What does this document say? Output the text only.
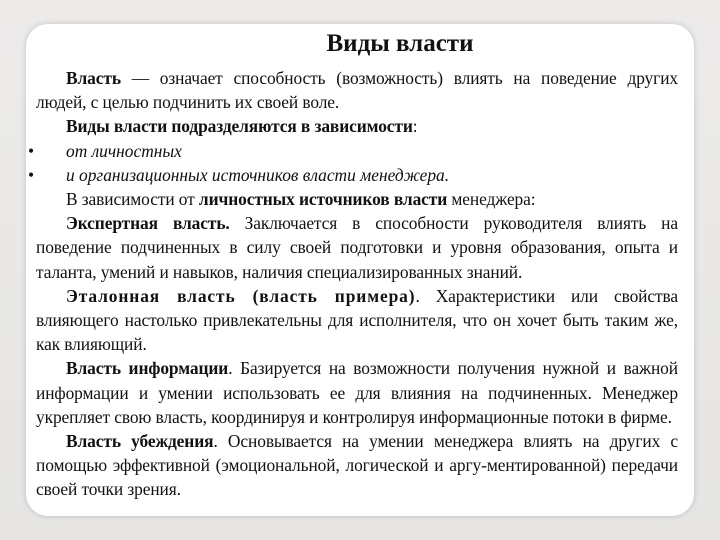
Виды власти

Власть — означает способность (возможность) влиять на поведение других людей, с целью подчинить их своей воле.

Виды власти подразделяются в зависимости:

• от личностных

• и организационных источников власти менеджера.

В зависимости от личностных источников власти менеджера:

Экспертная власть. Заключается в способности руководителя влиять на поведение подчиненных в силу своей подготовки и уровня образования, опыта и таланта, умений и навыков, наличия специализированных знаний.

Эталонная власть (власть примера). Характеристики или свойства влияющего настолько привлекательны для исполнителя, что он хочет быть таким же, как влияющий.

Власть информации. Базируется на возможности получения нужной и важной информации и умении использовать ее для влияния на подчиненных. Менеджер укрепляет свою власть, координируя и контролируя информационные потоки в фирме.

Власть убеждения. Основывается на умении менеджера влиять на других с помощью эффективной (эмоциональной, логической и аргу-ментированной) передачи своей точки зрения.
